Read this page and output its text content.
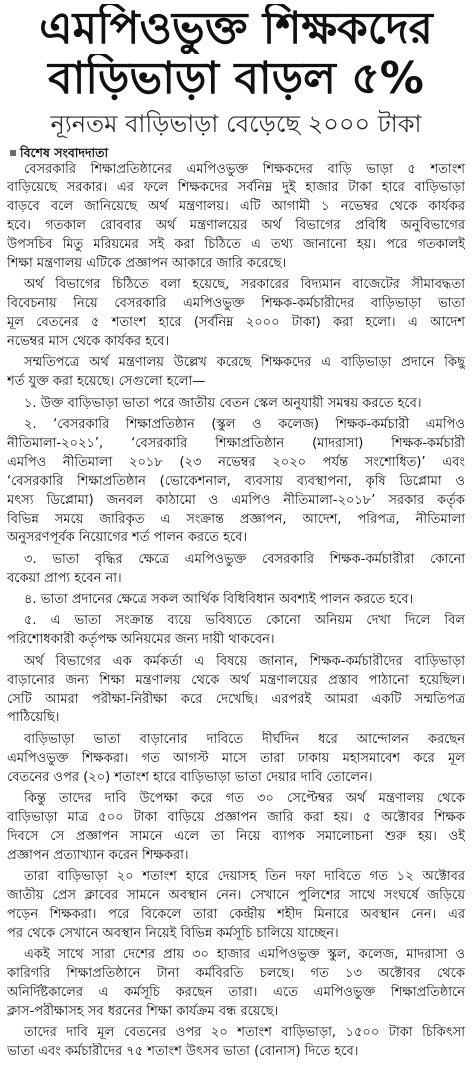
এমপিওভুক্ত শিক্ষকদের
বাড়িভাড়া বাড়ল ৫%
ন্যূনতম বাড়িভাড়া বেড়েছে ২০০০ টাকা
বিশেষ সংবাদদাতা
বেসরকারি শিক্ষাপ্রতিষ্ঠানের এমপিওভুক্ত শিক্ষকদের বাড়ি ভাড়া ৫ শতাংশ
বাড়িয়েছে সরকার। এর ফলে শিক্ষকদের সর্বনিম্ন দুই হাজার টাকা হারে বাড়িভাড়া
বাড়বে বলে জানিয়েছে অর্থ মন্ত্রণালয়। এটি আগামী ১ নভেম্বর থেকে কার্যকর
হবে। গতকাল রোববার অর্থ মন্ত্রণালয়ের অর্থ বিভাগের প্রবিধি অনুবিভাগের
উপসচিব মিতু মরিয়মের সই করা চিঠিতে এ তথ্য জানানো হয়। পরে গতকালই
শিক্ষা মন্ত্রণালয় এটিকে প্রজ্ঞাপন আকারে জারি করেছে।
অর্থ বিভাগের চিঠিতে বলা হয়েছে, সরকারের বিদ্যমান বাজেটের সীমাবদ্ধতা
বিবেচনায় নিয়ে বেসরকারি এমপিওভুক্ত শিক্ষক-কর্মচারীদের বাড়িভাড়া ভাতা
মূল বেতনের ৫ শতাংশ হারে (সর্বনিম্ন ২০০০ টাকা) করা হলো। এ আদেশ
নভেম্বর মাস থেকে কার্যকর হবে।
সম্মতিপত্রে অর্থ মন্ত্রণালয় উল্লেখ করেছে শিক্ষকদের এ বাড়িভাড়া প্রদানে কিছু
শর্ত যুক্ত করা হয়েছে। সেগুলো হলো—
১. উক্ত বাড়িভাড়া ভাতা পরে জাতীয় বেতন স্কেল অনুযায়ী সমন্বয় করতে হবে।
২. ‘বেসরকারি শিক্ষাপ্রতিষ্ঠান (স্কুল ও কলেজ) শিক্ষক-কর্মচারী এমপিও
নীতিমালা-২০২১’, ‘বেসরকারি শিক্ষাপ্রতিষ্ঠান (মাদরাসা) শিক্ষক-কর্মচারী
এমপিও নীতিমালা ২০১৮ (২৩ নভেম্বর ২০২০ পর্যন্ত সংশোধিত)’ এবং
‘বেসরকারি শিক্ষাপ্রতিষ্ঠান (ভোকেশনাল, ব্যবসায় ব্যবস্থাপনা, কৃষি ডিপ্লোমা ও
মৎস্য ডিপ্লোমা) জনবল কাঠামো ও এমপিও নীতিমালা-২০১৮’ সরকার কর্তৃক
বিভিন্ন সময়ে জারিকৃত এ সংক্রান্ত প্রজ্ঞাপন, আদেশ, পরিপত্র, নীতিমালা
অনুসরণপূর্বক নিয়োগের শর্ত পালন করতে হবে।
৩. ভাতা বৃদ্ধির ক্ষেত্রে এমপিওভুক্ত বেসরকারি শিক্ষক-কর্মচারীরা কোনো
বকেয়া প্রাপ্য হবেন না।
৪. ভাতা প্রদানের ক্ষেত্রে সকল আর্থিক বিধিবিধান অবশ্যই পালন করতে হবে।
৫. এ ভাতা সংক্রান্ত ব্যয়ে ভবিষ্যতে কোনো অনিয়ম দেখা দিলে বিল
পরিশোধকারী কর্তৃপক্ষ অনিয়মের জন্য দায়ী থাকবেন।
অর্থ বিভাগের এক কর্মকর্তা এ বিষয়ে জানান, শিক্ষক-কর্মচারীদের বাড়িভাড়া
বাড়ানোর জন্য শিক্ষা মন্ত্রণালয় থেকে অর্থ মন্ত্রণালয়ের প্রস্তাব পাঠানো হয়েছিল।
সেটি আমরা পরীক্ষা-নিরীক্ষা করে দেখেছি। এরপরই আমরা একটি সম্মতিপত্র
পাঠিয়েছি।
বাড়িভাড়া ভাতা বাড়ানোর দাবিতে দীর্ঘদিন ধরে আন্দোলন করছেন
এমপিওভুক্ত শিক্ষকরা। গত আগস্ট মাসে তারা ঢাকায় মহাসমাবেশ করে মূল
বেতনের ওপর (২০) শতাংশ হারে বাড়িভাড়া ভাতা দেয়ার দাবি তোলেন।
কিন্তু তাদের দাবি উপেক্ষা করে গত ৩০ সেপ্টেম্বর অর্থ মন্ত্রণালয় থেকে
বাড়িভাড়া মাত্র ৫০০ টাকা বাড়িয়ে প্রজ্ঞাপন জারি করা হয়। ৫ অক্টোবর শিক্ষক
দিবসে সে প্রজ্ঞাপন সামনে এলে তা নিয়ে ব্যাপক সমালোচনা শুরু হয়। ওই
প্রজ্ঞাপন প্রত্যাখ্যান করেন শিক্ষকরা।
তারা বাড়িভাড়া ২০ শতাংশ হারে দেয়াসহ তিন দফা দাবিতে গত ১২ অক্টোবর
জাতীয় প্রেস ক্লাবের সামনে অবস্থান নেন। সেখানে পুলিশের সাথে সংঘর্ষে জড়িয়ে
পড়েন শিক্ষকরা। পরে বিকেলে তারা কেন্দ্রীয় শহীদ মিনারে অবস্থান নেন। এর
পর থেকে সেখানে অবস্থান নিয়েই বিভিন্ন কর্মসূচি চালিয়ে যাচ্ছেন।
একই সাথে সারা দেশের প্রায় ৩০ হাজার এমপিওভুক্ত স্কুল, কলেজ, মাদরাসা ও
কারিগরি শিক্ষাপ্রতিষ্ঠানে টানা কর্মবিরতি চলছে। গত ১৩ অক্টোবর থেকে
অনির্দিষ্টকালের এ কর্মসূচি করছেন তারা। এতে এমপিওভুক্ত শিক্ষাপ্রতিষ্ঠানে
ক্লাস-পরীক্ষাসহ সব ধরনের শিক্ষা কার্যক্রম বন্ধ রয়েছে।
তাদের দাবি মূল বেতনের ওপর ২০ শতাংশ বাড়িভাড়া, ১৫০০ টাকা চিকিৎসা
ভাতা এবং কর্মচারীদের ৭৫ শতাংশ উৎসব ভাতা (বোনাস) দিতে হবে।
